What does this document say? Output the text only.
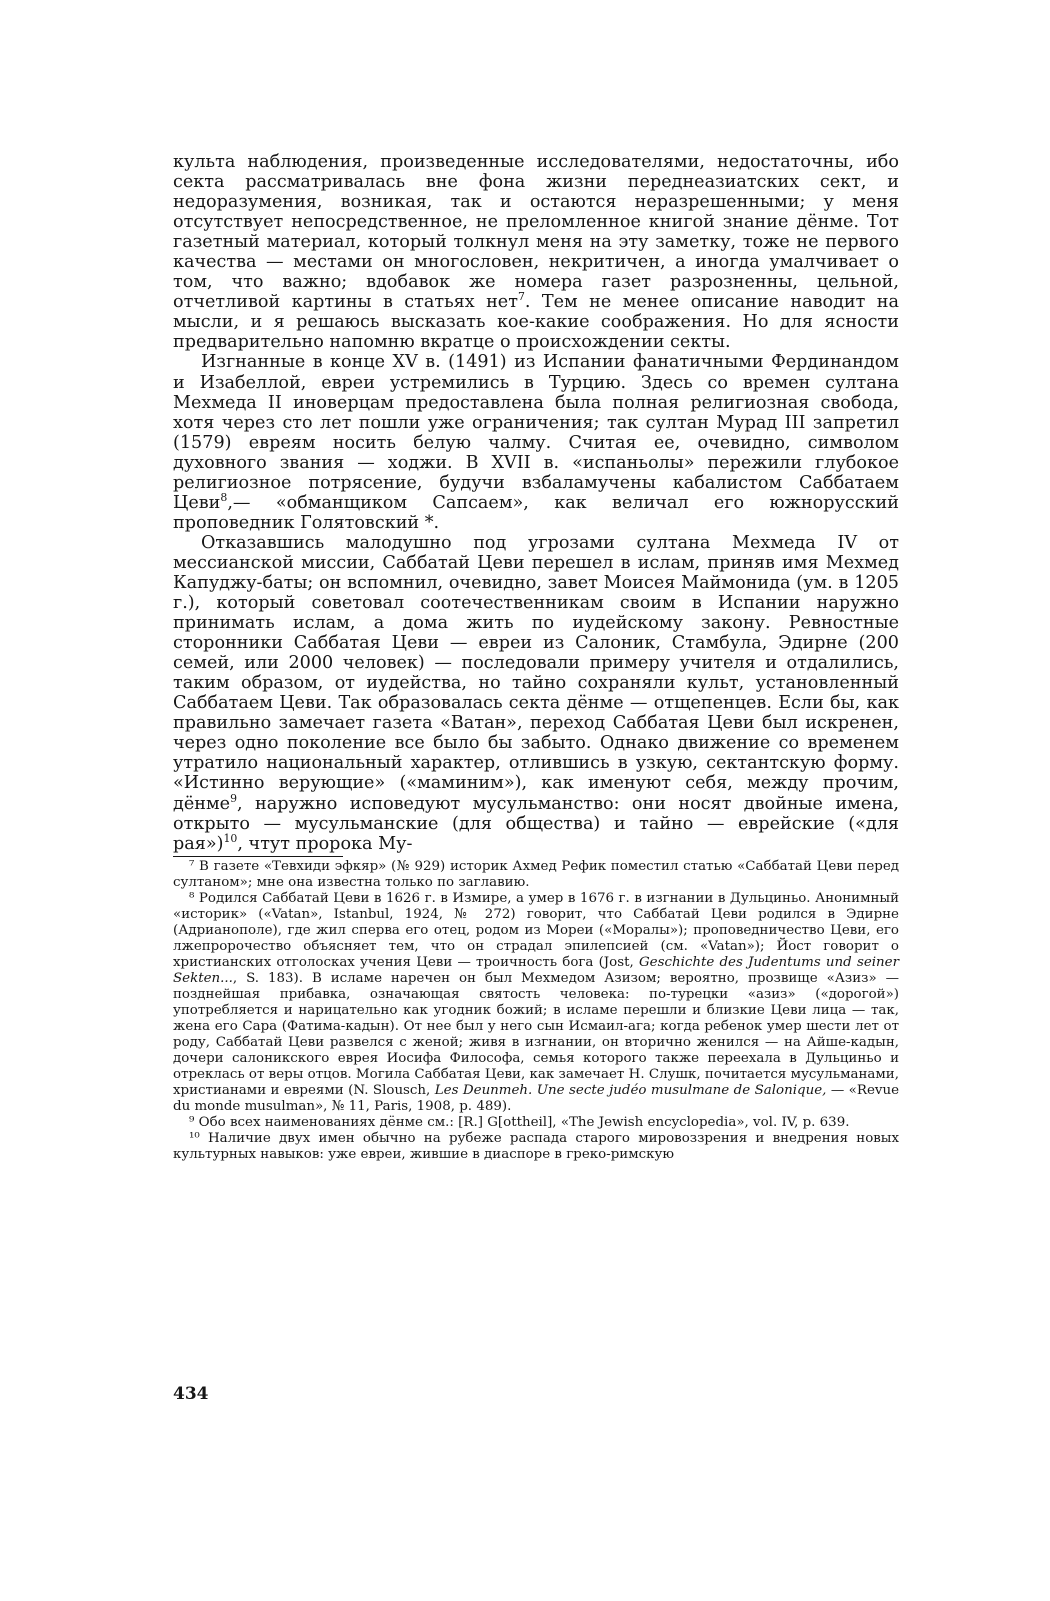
культа наблюдения, произведенные исследователями, недостаточны, ибо секта рассматривалась вне фона жизни переднеазиатских сект, и недоразумения, возникая, так и остаются неразрешенными; у меня отсутствует непосредственное, не преломленное книгой знание дёнме. Тот газетный материал, который толкнул меня на эту заметку, тоже не первого качества — местами он многословен, некритичен, а иногда умалчивает о том, что важно; вдобавок же номера газет разрозненны, цельной, отчетливой картины в статьях нет$^7$. Тем не менее описание наводит на мысли, и я решаюсь высказать кое-какие соображения. Но для ясности предварительно напомню вкратце о происхождении секты.

Изгнанные в конце XV в. (1491) из Испании фанатичными Фердинандом и Изабеллой, евреи устремились в Турцию. Здесь со времен султана Мехмеда II иноверцам предоставлена была полная религиозная свобода, хотя через сто лет пошли уже ограничения; так султан Мурад III запретил (1579) евреям носить белую чалму. Считая ее, очевидно, символом духовного звания — ходжи. В XVII в. «испаньолы» пережили глубокое религиозное потрясение, будучи взбаламучены кабалистом Саббатаем Цеви$^8$,— «обманщиком Сапсаем», как величал его южнорусский проповедник Голятовский *.

Отказавшись малодушно под угрозами султана Мехмеда IV от мессианской миссии, Саббатай Цеви перешел в ислам, приняв имя Мехмед Капуджу-баты; он вспомнил, очевидно, завет Моисея Маймонида (ум. в 1205 г.), который советовал соотечественникам своим в Испании наружно принимать ислам, а дома жить по иудейскому закону. Ревностные сторонники Саббатая Цеви — евреи из Салоник, Стамбула, Эдирне (200 семей, или 2000 человек) — последовали примеру учителя и отдалились, таким образом, от иудейства, но тайно сохраняли культ, установленный Саббатаем Цеви. Так образовалась секта дёнме — отщепенцев. Если бы, как правильно замечает газета «Ватан», переход Саббатая Цеви был искренен, через одно поколение все было бы забыто. Однако движение со временем утратило национальный характер, отлившись в узкую, сектантскую форму. «Истинно верующие» («маминим»), как именуют себя, между прочим, дёнме$^9$, наружно исповедуют мусульманство: они носят двойные имена, открыто — мусульманские (для общества) и тайно — еврейские («для рая»)$^{10}$, чтут пророка Му-

⁷ В газете «Тевхиди эфкяр» (№ 929) историк Ахмед Рефик поместил статью «Саббатай Цеви перед султаном»; мне она известна только по заглавию.

⁸ Родился Саббатай Цеви в 1626 г. в Измире, а умер в 1676 г. в изгнании в Дульциньо. Анонимный «историк» («Vatan», Istanbul, 1924, № 272) говорит, что Саббатай Цеви родился в Эдирне (Адрианополе), где жил сперва его отец, родом из Мореи («Моралы»); проповедничество Цеви, его лжепророчество объясняет тем, что он страдал эпилепсией (см. «Vatan»); Йост говорит о христианских отголосках учения Цеви — троичность бога (Jost, Geschichte des Judentums und seiner Sekten..., S. 183). В исламе наречен он был Мехмедом Азизом; вероятно, прозвище «Азиз» — позднейшая прибавка, означающая святость человека: по-турецки «азиз» («дорогой») употребляется и нарицательно как угодник божий; в исламе перешли и близкие Цеви лица — так, жена его Сара (Фатима-кадын). От нее был у него сын Исмаил-ага; когда ребенок умер шести лет от роду, Саббатай Цеви развелся с женой; живя в изгнании, он вторично женился — на Айше-кадын, дочери салоникского еврея Иосифа Философа, семья которого также переехала в Дульциньо и отреклась от веры отцов. Могила Саббатая Цеви, как замечает Н. Слушк, почитается мусульманами, христианами и евреями (N. Slousch, Les Deunmeh. Une secte judéo musulmane de Salonique, — «Revue du monde musulman», № 11, Paris, 1908, p. 489).

⁹ Обо всех наименованиях дёнме см.: [R.] G[ottheil], «The Jewish encyclopedia», vol. IV, p. 639.

¹⁰ Наличие двух имен обычно на рубеже распада старого мировоззрения и внедрения новых культурных навыков: уже евреи, жившие в диаспоре в греко-римскую

434
